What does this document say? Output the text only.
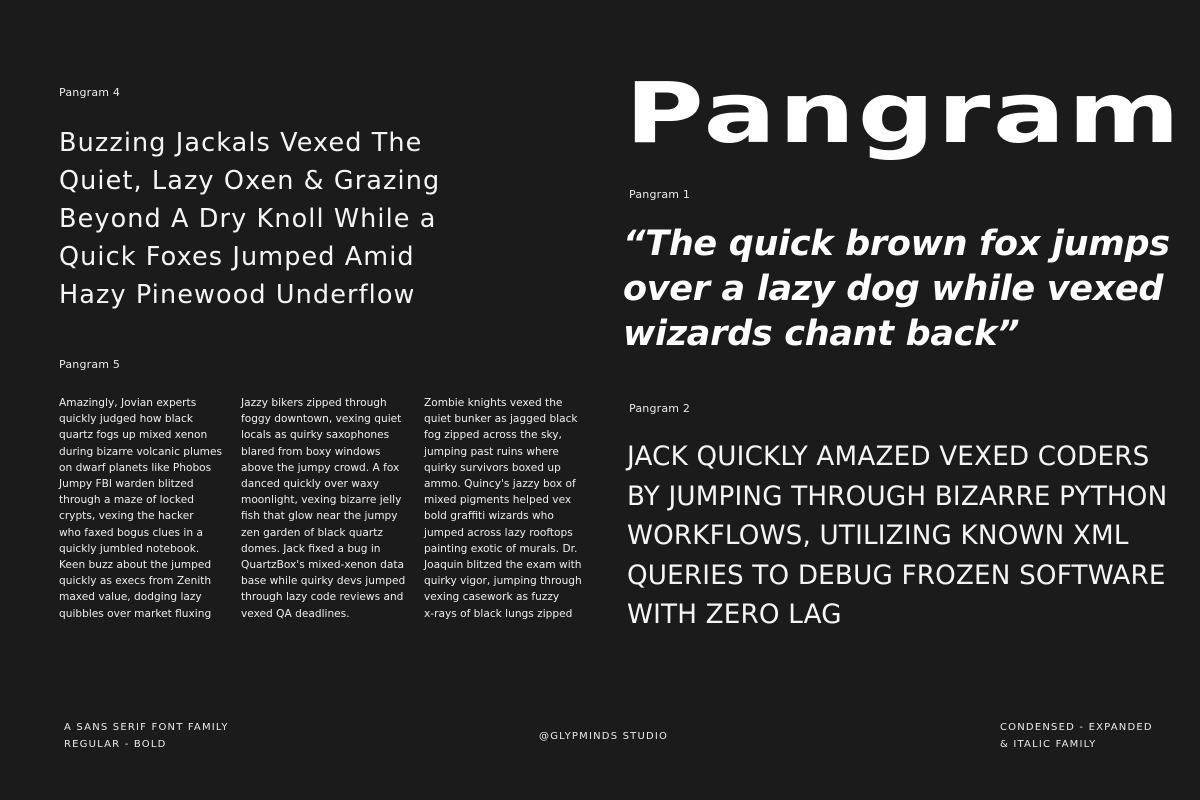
Pangram 4
Buzzing Jackals Vexed The
Quiet, Lazy Oxen & Grazing
Beyond A Dry Knoll While a
Quick Foxes Jumped Amid
Hazy Pinewood Underflow
Pangram 5
Amazingly, Jovian experts
quickly judged how black
quartz fogs up mixed xenon
during bizarre volcanic plumes
on dwarf planets like Phobos
Jumpy FBI warden blitzed
through a maze of locked
crypts, vexing the hacker
who faxed bogus clues in a
quickly jumbled notebook.
Keen buzz about the jumped
quickly as execs from Zenith
maxed value, dodging lazy
quibbles over market fluxing
Jazzy bikers zipped through
foggy downtown, vexing quiet
locals as quirky saxophones
blared from boxy windows
above the jumpy crowd. A fox
danced quickly over waxy
moonlight, vexing bizarre jelly
fish that glow near the jumpy
zen garden of black quartz
domes. Jack fixed a bug in
QuartzBox's mixed-xenon data
base while quirky devs jumped
through lazy code reviews and
vexed QA deadlines.
Zombie knights vexed the
quiet bunker as jagged black
fog zipped across the sky,
jumping past ruins where
quirky survivors boxed up
ammo. Quincy's jazzy box of
mixed pigments helped vex
bold graffiti wizards who
jumped across lazy rooftops
painting exotic of murals. Dr.
Joaquin blitzed the exam with
quirky vigor, jumping through
vexing casework as fuzzy
x-rays of black lungs zipped
Pangram
Pangram 1
“The quick brown fox jumps
over a lazy dog while vexed
wizards chant back”
Pangram 2
JACK QUICKLY AMAZED VEXED CODERS
BY JUMPING THROUGH BIZARRE PYTHON
WORKFLOWS, UTILIZING KNOWN XML
QUERIES TO DEBUG FROZEN SOFTWARE
WITH ZERO LAG
A SANS SERIF FONT FAMILY
REGULAR - BOLD
@GLYPMINDS STUDIO
CONDENSED - EXPANDED
& ITALIC FAMILY
